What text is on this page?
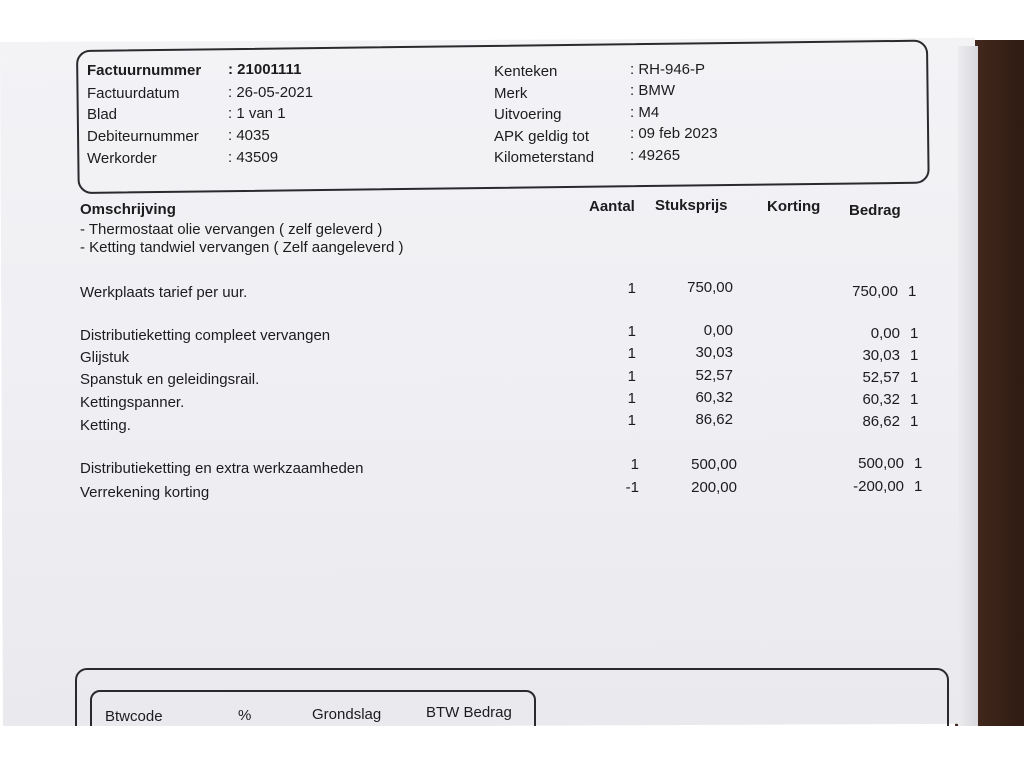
Factuurnummer : 21001111
Factuurdatum	: 26-05-2021
Blad	: 1 van 1
Debiteurnummer : 4035
Werkorder	: 43509
Kenteken	: RH-946-P
Merk	: BMW
Uitvoering	: M4
APK geldig tot	: 09 feb 2023
Kilometerstand : 49265
Omschrijving	Aantal Stuksprijs	Korting Bedrag
- Thermostaat olie vervangen ( zelf geleverd )
- Ketting tandwiel vervangen ( Zelf aangeleverd )
Werkplaats tarief per uur.	1	750,00	750,00 1
Distributieketting compleet vervangen	1	0,00	0,00 1
Glijstuk	1	30,03	30,03 1
Spanstuk en geleidingsrail.	1	52,57	52,57 1
Kettingspanner.	1	60,32	60,32 1
Ketting.	1	86,62	86,62 1
Distributieketting en extra werkzaamheden	1	500,00	500,00 1
Verrekening korting	-1	200,00	-200,00 1
Btwcode	%	Grondslag	BTW Bedrag
